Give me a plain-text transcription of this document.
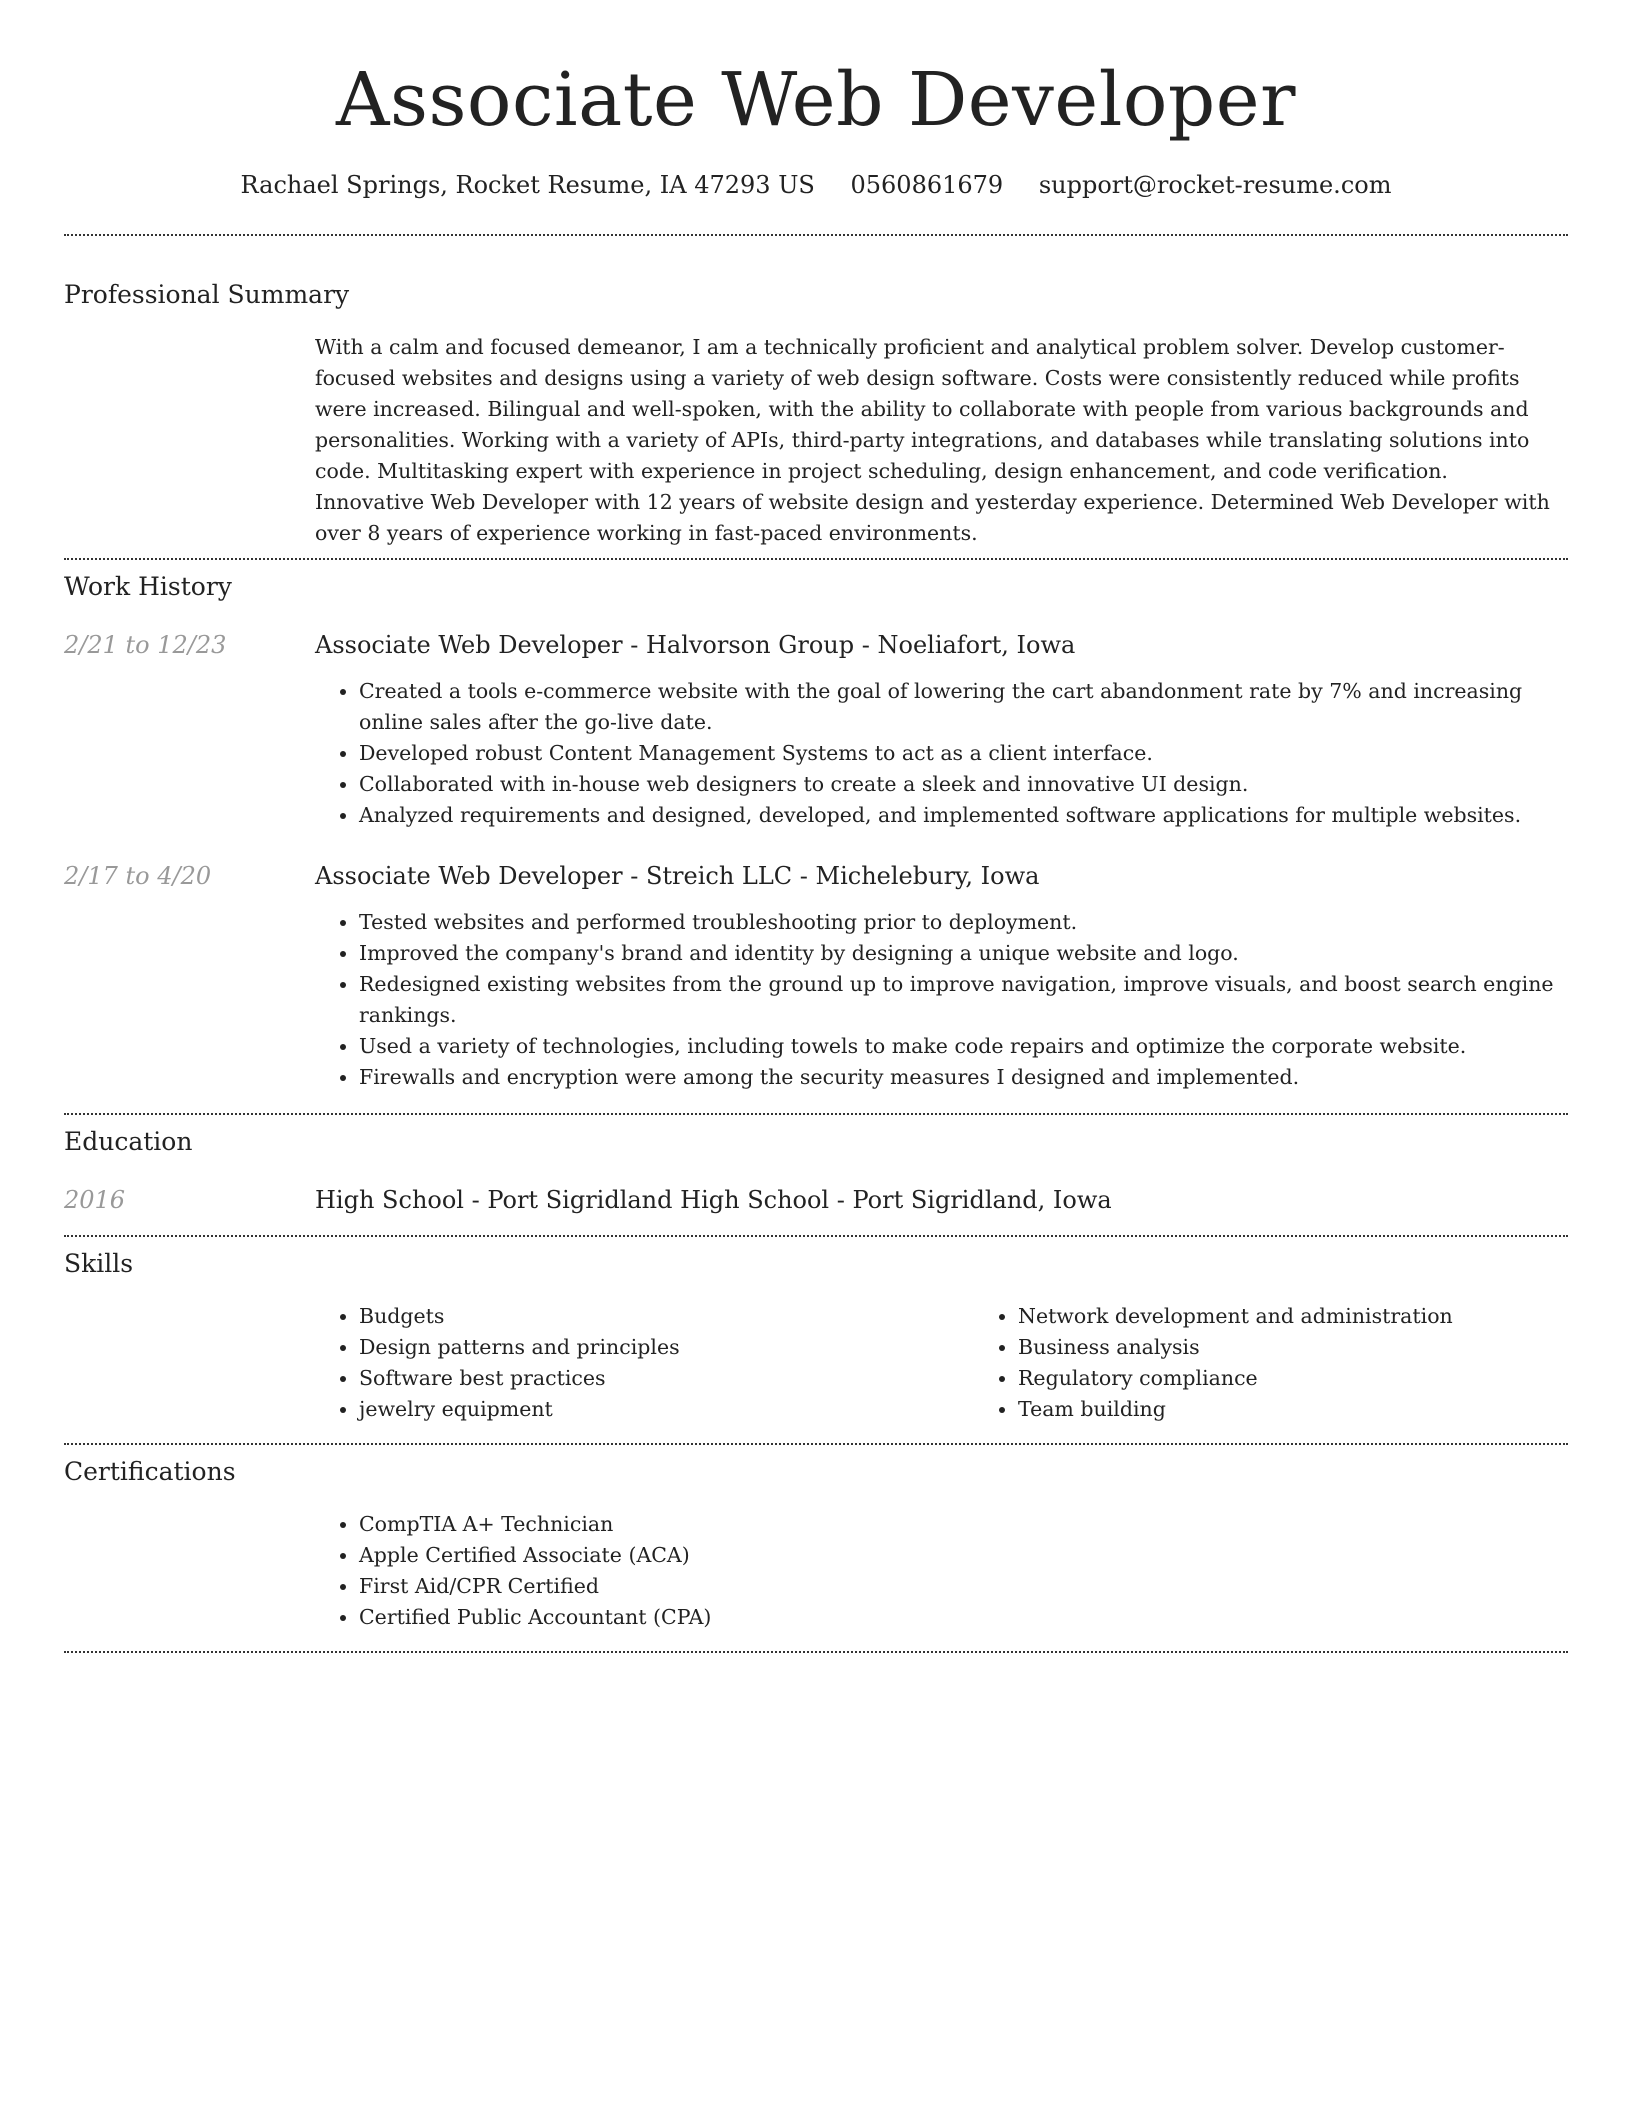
Associate Web Developer
Rachael Springs, Rocket Resume, IA 47293 US 0560861679 support@rocket-resume.com
Professional Summary

With a calm and focused demeanor, I am a technically proficient and analytical problem solver. Develop customer-focused websites and designs using a variety of web design software. Costs were consistently reduced while profits were increased. Bilingual and well-spoken, with the ability to collaborate with people from various backgrounds and personalities. Working with a variety of APIs, third-party integrations, and databases while translating solutions into code. Multitasking expert with experience in project scheduling, design enhancement, and code verification. Innovative Web Developer with 12 years of website design and yesterday experience. Determined Web Developer with over 8 years of experience working in fast-paced environments.

Work History
2/21 to 12/23	Associate Web Developer - Halvorson Group - Noeliafort, Iowa
• Created a tools e-commerce website with the goal of lowering the cart abandonment rate by 7% and increasing online sales after the go-live date.
• Developed robust Content Management Systems to act as a client interface.
• Collaborated with in-house web designers to create a sleek and innovative UI design.
• Analyzed requirements and designed, developed, and implemented software applications for multiple websites.
2/17 to 4/20	Associate Web Developer - Streich LLC - Michelebury, Iowa
• Tested websites and performed troubleshooting prior to deployment.
• Improved the company's brand and identity by designing a unique website and logo.
• Redesigned existing websites from the ground up to improve navigation, improve visuals, and boost search engine rankings.
• Used a variety of technologies, including towels to make code repairs and optimize the corporate website.
• Firewalls and encryption were among the security measures I designed and implemented.
Education
2016	High School - Port Sigridland High School - Port Sigridland, Iowa
Skills
• Budgets
• Design patterns and principles
• Software best practices
• jewelry equipment
• Network development and administration
• Business analysis
• Regulatory compliance
• Team building
Certifications
• CompTIA A+ Technician
• Apple Certified Associate (ACA)
• First Aid/CPR Certified
• Certified Public Accountant (CPA)
